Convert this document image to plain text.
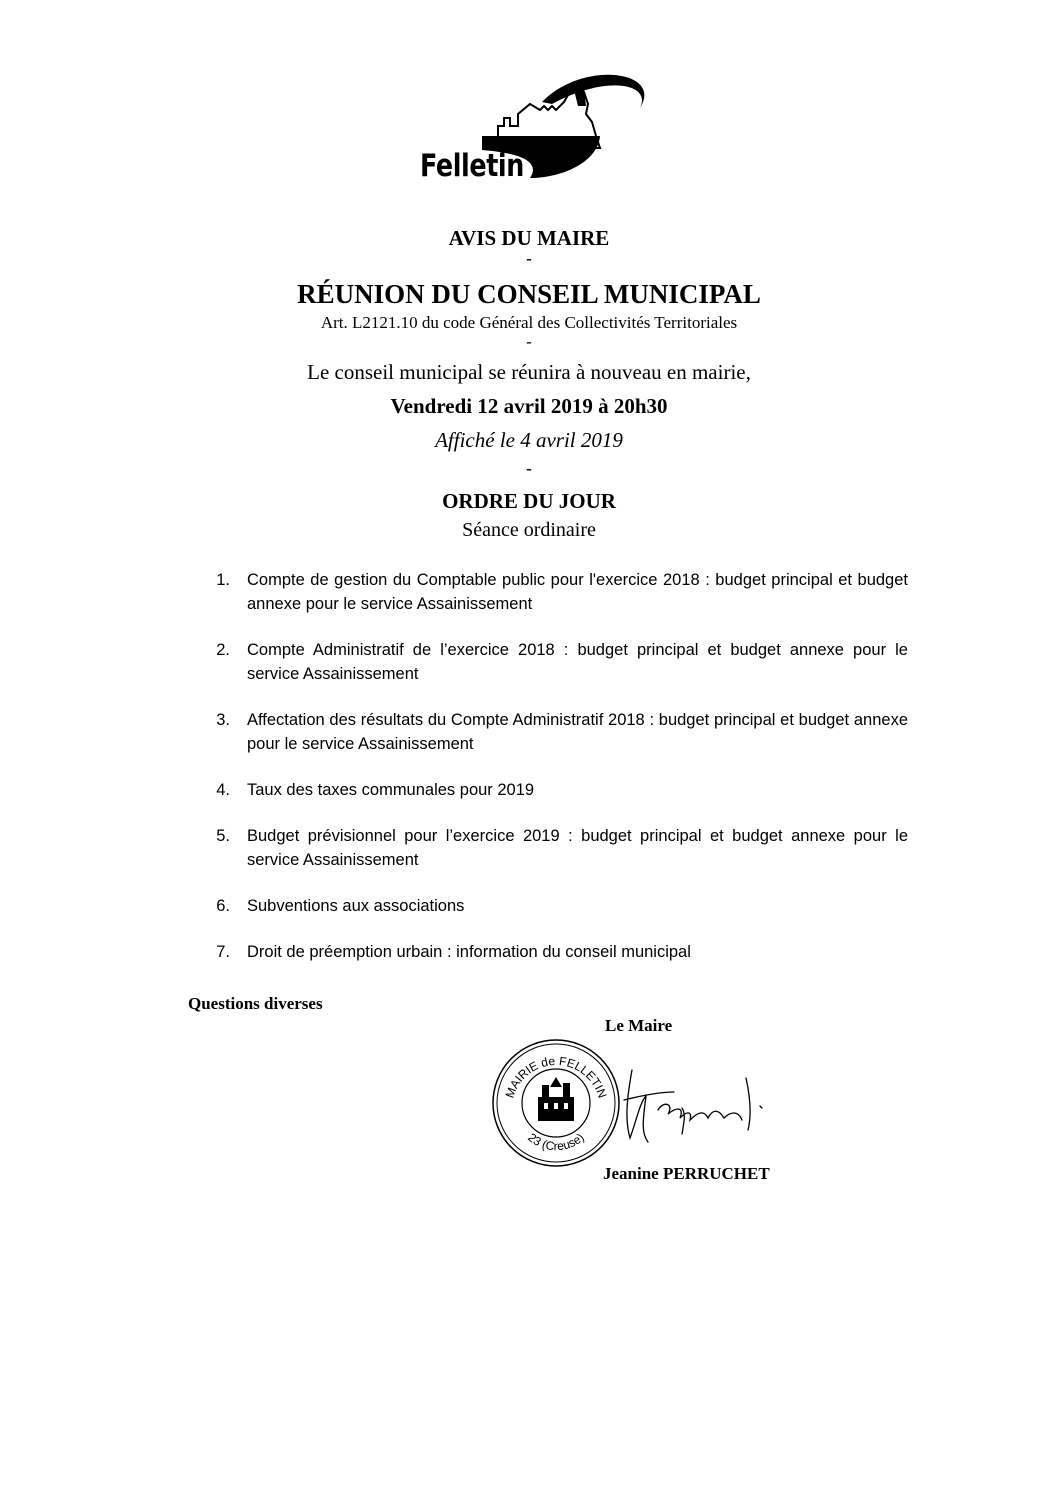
Felletin
AVIS DU MAIRE
-
RÉUNION DU CONSEIL MUNICIPAL
Art. L2121.10 du code Général des Collectivités Territoriales
-
Le conseil municipal se réunira à nouveau en mairie,
Vendredi 12 avril 2019 à 20h30
Affiché le 4 avril 2019
-
ORDRE DU JOUR
Séance ordinaire
1. Compte de gestion du Comptable public pour l'exercice 2018 : budget principal et budget annexe pour le service Assainissement
2. Compte Administratif de l’exercice 2018 : budget principal et budget annexe pour le service Assainissement
3. Affectation des résultats du Compte Administratif 2018 : budget principal et budget annexe pour le service Assainissement
4. Taux des taxes communales pour 2019
5. Budget prévisionnel pour l’exercice 2019 : budget principal et budget annexe pour le service Assainissement
6. Subventions aux associations
7. Droit de préemption urbain : information du conseil municipal
Questions diverses
Le Maire
MAIRIE de FELLETIN
23 (Creuse)
Jeanine PERRUCHET
